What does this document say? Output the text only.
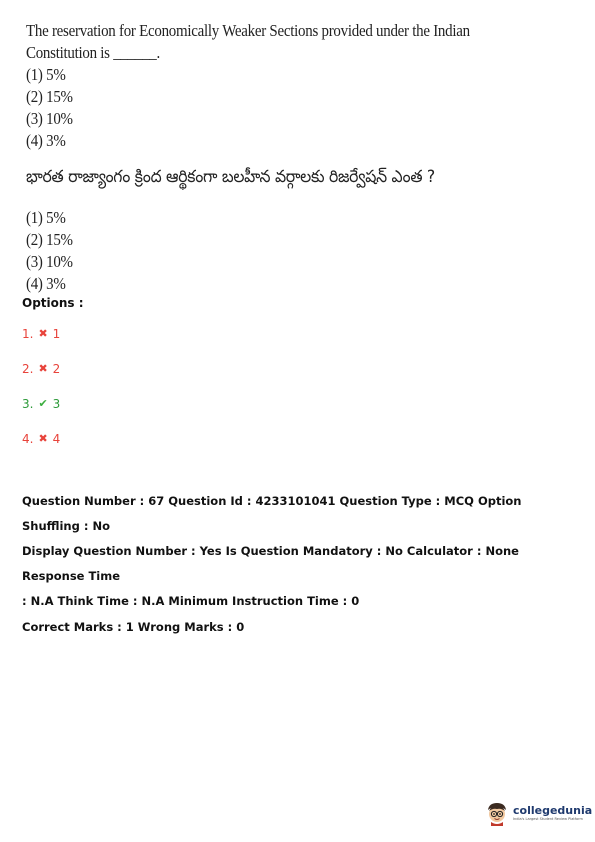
The reservation for Economically Weaker Sections provided under the Indian

Constitution is ______.

(1) 5%

(2) 15%

(3) 10%

(4) 3%

భారత రాజ్యాంగం క్రింద ఆర్థికంగా బలహీన వర్గాలకు రిజర్వేషన్ ఎంత ?

(1) 5%

(2) 15%

(3) 10%

(4) 3%

Options :

1. ✖ 1
2. ✖ 2
3. ✔ 3
4. ✖ 4

Question Number : 67 Question Id : 4233101041 Question Type : MCQ Option Shuffling : No

Display Question Number : Yes Is Question Mandatory : No Calculator : None Response Time

: N.A Think Time : N.A Minimum Instruction Time : 0

Correct Marks : 1 Wrong Marks : 0

collegedunia
India's Largest Student Review Platform
